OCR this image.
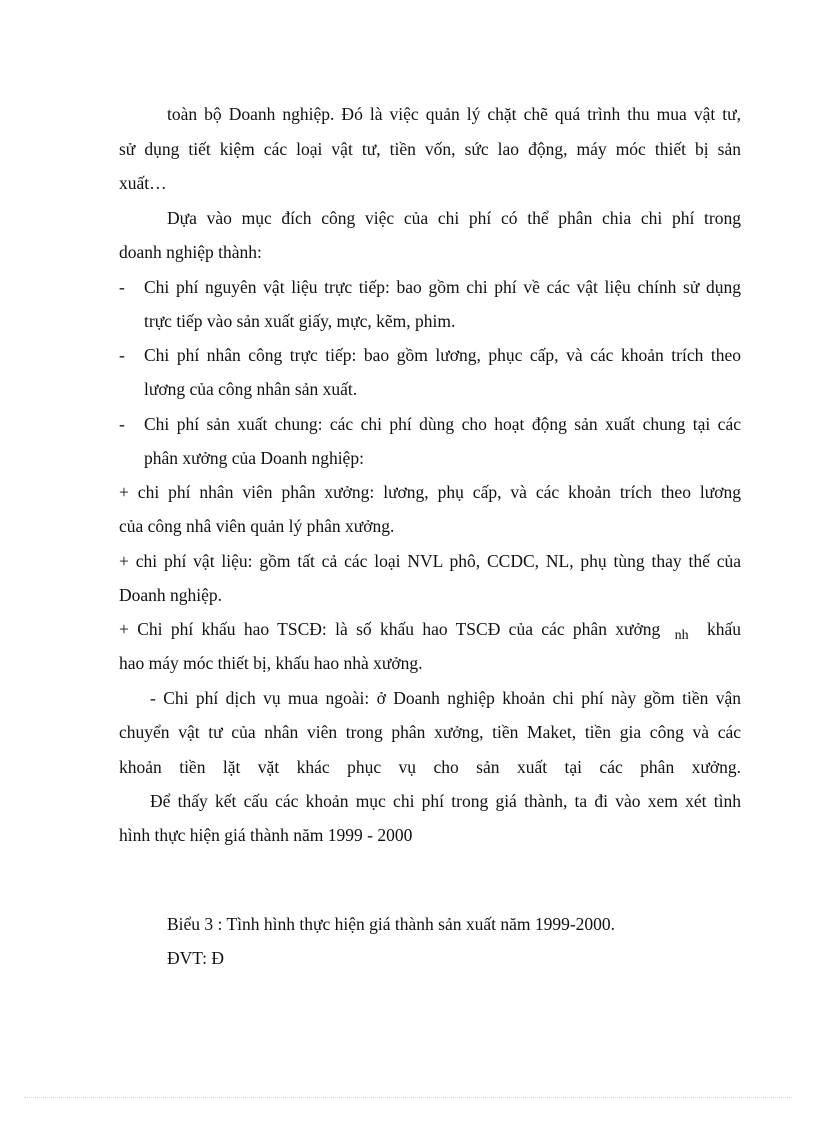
toàn bộ Doanh nghiệp. Đó là việc quản lý chặt chẽ quá trình thu mua vật tư,
sử dụng tiết kiệm các loại vật tư, tiền vốn, sức lao động, máy móc thiết bị sản
xuất…
Dựa vào mục đích công việc của chi phí có thể phân chia chi phí trong
doanh nghiệp thành:
- Chi phí nguyên vật liệu trực tiếp: bao gồm chi phí về các vật liệu chính sử dụng
trực tiếp vào sản xuất giấy, mực, kẽm, phim.
- Chi phí nhân công trực tiếp: bao gồm lương, phục cấp, và các khoản trích theo
lương của công nhân sản xuất.
- Chi phí sản xuất chung: các chi phí dùng cho hoạt động sản xuất chung tại các
phân xưởng của Doanh nghiệp:
+ chi phí nhân viên phân xưởng: lương, phụ cấp, và các khoản trích theo lương
của công nhâ viên quản lý phân xưởng.
+ chi phí vật liệu: gồm tất cả các loại NVL phô, CCDC, NL, phụ tùng thay thế của
Doanh nghiệp.
+ Chi phí khấu hao TSCĐ: là số khấu hao TSCĐ của các phân xưởng $_{nh}$ khấu
hao máy móc thiết bị, khấu hao nhà xưởng.
- Chi phí dịch vụ mua ngoài: ở Doanh nghiệp khoản chi phí này gồm tiền vận
chuyển vật tư của nhân viên trong phân xưởng, tiền Maket, tiền gia công và các
khoản tiền lặt vặt khác phục vụ cho sản xuất tại các phân xưởng.
Để thấy kết cấu các khoản mục chi phí trong giá thành, ta đi vào xem xét tình
hình thực hiện giá thành năm 1999 - 2000
Biểu 3 : Tình hình thực hiện giá thành sản xuất năm 1999-2000.
ĐVT: Đ
